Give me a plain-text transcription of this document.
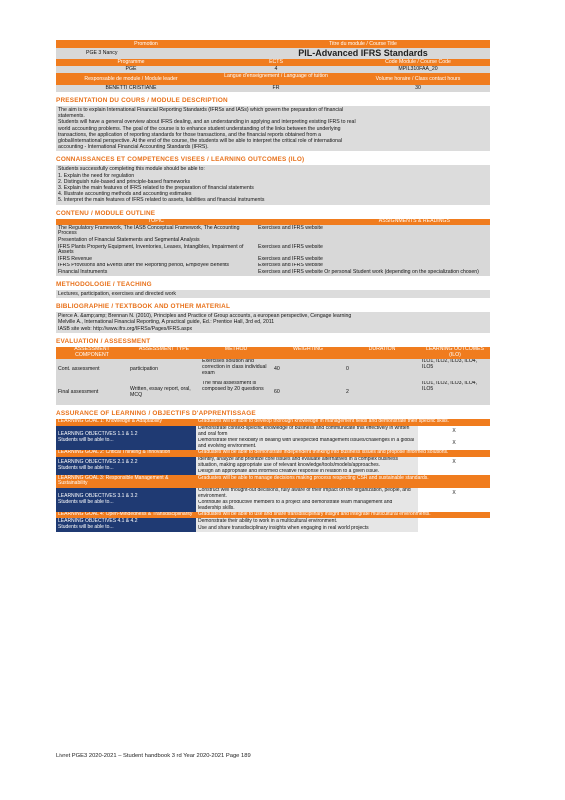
Promotion	Titre du module / Course Title
PGE 3 Nancy	PIL-Advanced IFRS Standards
Programme	ECTS	Code Module / Course Code
PGE	4	MPIL310FAA_20
Responsable de module / Module leader
Langue d'enseignement / Language of tuition
Volume horaire / Class contact hours
BENETTI CRISTIANE	FR	30
PRESENTATION DU COURS / MODULE DESCRIPTION
The aim is to explain International Financial Reporting Standards (IFRSs and IASs) which govern the preparation of financial
statements.
Students will have a general overview about IFRS dealing, and an understanding in applying and interpreting existing IFRS to real
world accounting problems. The goal of the course is to enhance student understanding of the links between the underlying
transactions, the application of reporting standards for those transactions, and the financial reports obtained from a
global/international perspective. At the end of the course, the students will be able to interpret the critical role of international
accounting - International Financial Accounting Standards (IFRS).
CONNAISSANCES ET COMPETENCES VISEES / LEARNING OUTCOMES (ILO)
Students successfully completing this module should be able to:
1. Explain the need for regulation
2. Distinguish rule-based and principle-based frameworks
3. Explain the main features of IFRS related to the preparation of financial statements
4. Illustrate accounting methods and accounting estimates
5. Interpret the main features of IFRS related to assets, liabilities and financial instruments
CONTENU / MODULE OUTLINE
TOPIC	ASSIGNMENTS & READINGS
The Regulatory Framework, The IASB Conceptual Framework, The Accounting Process	Exercises and IFRS website
Presentation of Financial Statements and Segmental Analysis	
IFRS Plants Property Equipment, Inventories, Leases, Intangibles, Impairment of Assets	Exercises and IFRS website
IFRS Revenue	Exercises and IFRS website
IFRS Provisions and Events after the Reporting period, Employee Benefits	Exercises and IFRS website
Financial Instruments	Exercises and IFRS website Or personal Student work (depending on the specialization chosen)
METHODOLOGIE / TEACHING
Lectures, participation, exercises and directed work
BIBLIOGRAPHIE / TEXTBOOK AND OTHER MATERIAL
Pierce A. &amp;amp; Brennan N. (2010), Principles and Practice of Group accounts, a european perspective, Cengage learning
Melville A., International Financial Reporting, A practical guide, Ed.: Prentice Hall, 3rd ed, 2011
IASB site web: http://www.ifrs.org/IFRSs/Pages/IFRS.aspx
EVALUATION / ASSESSMENT
ASSESSMENT COMPONENT	ASSESSMENT TYPE	METHOD	WEIGHTING	DURATION	LEARNING OUTCOMES (ILO)
Cont. assessment	participation	Exercises solution and correction in class individual exam	40	0	ILO1, ILO2, ILO3, ILO4, ILO5
Final assessment	Written, essay report, oral, MCQ	The final assessment is composed by 20 questions	60	2	ILO1, ILO2, ILO3, ILO4, ILO5
ASSURANCE OF LEARNING / OBJECTIFS D'APPRENTISSAGE
LEARNING GOAL 1: Knowledge & Adaptability	Graduates will be able to develop thorough knowledge in management fields and demonstrate their specific skills.	

LEARNING OBJECTIVES 1.1 & 1.2
Students will be able to...	Demonstrate context-specific knowledge of business and communicate this effectively in written and oral form	X
	Demonstrate their flexibility in dealing with unexpected management issues/challenges in a global and evolving environment.	X
LEARNING GOAL 2: Critical Thinking & Innovation	Graduates will be able to demonstrate independent thinking into business issues and propose informed solutions.	

LEARNING OBJECTIVES 2.1 & 2.2
Students will be able to...	Identify, analyze and prioritize core issues and evaluate alternatives in a complex business situation, making appropriate use of relevant knowledge/tools/models/approaches.	X
	Design an appropriate and informed creative response in relation to a given issue.	
LEARNING GOAL 3: Responsible Management & Sustainability	Graduates will be able to manage decisions making process respecting CSR and sustainable standards.	

LEARNING OBJECTIVES 3.1 & 3.2
Students will be able to...	Construct well thought-out decisions, fully aware of their impact on the organization, people, and environment.	X
	Contribute as productive members to a project and demonstrate team management and leadership skills.	
LEARNING GOAL 4: Open-Mindedness & Transdisciplinarity	Graduates will be able to use and share transdisciplinary insight and integrate multicultural environments.	

LEARNING OBJECTIVES 4.1 & 4.2
Students will be able to...	Demonstrate their ability to work in a multicultural environment.	
	Use and share transdisciplinary insights when engaging in real world projects	
Livret PGE3 2020-2021 – Student handbook 3 rd Year 2020-2021 Page 189
